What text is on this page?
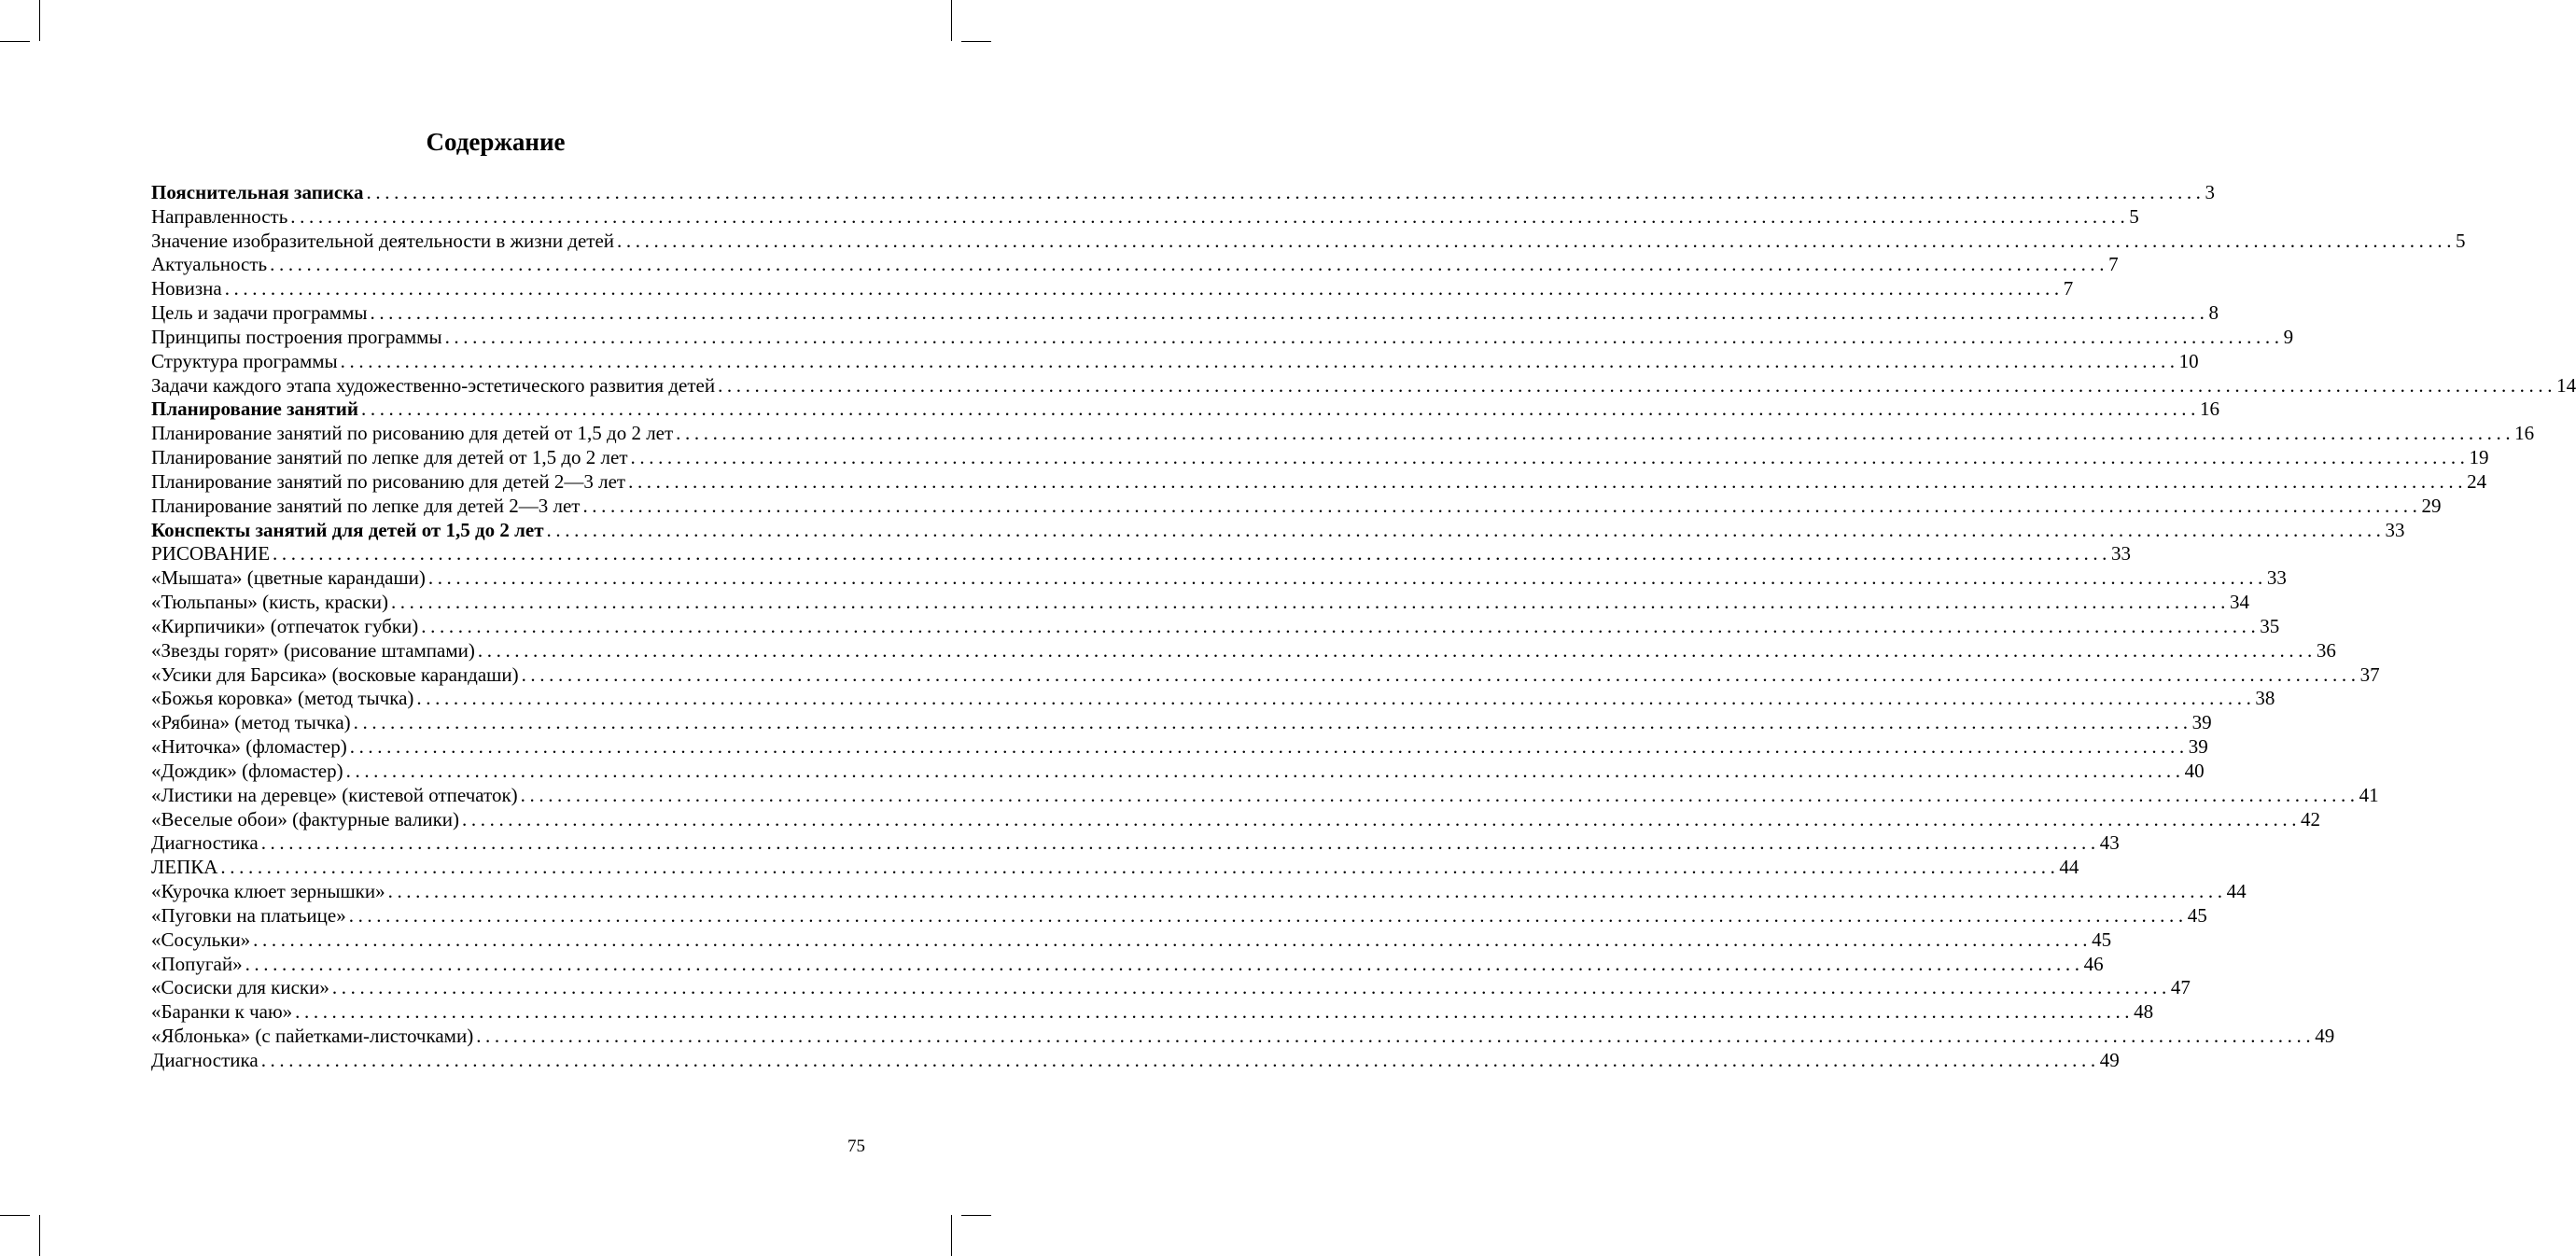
Содержание
Пояснительная записка ........................................................................................................................................................................................................ 3
Направленность ........................................................................................................................................................................................................ 5
Значение изобразительной деятельности в жизни детей ........................................................................................................................................................................................................ 5
Актуальность ........................................................................................................................................................................................................ 7
Новизна ........................................................................................................................................................................................................ 7
Цель и задачи программы ........................................................................................................................................................................................................ 8
Принципы построения программы ........................................................................................................................................................................................................ 9
Структура программы ........................................................................................................................................................................................................ 10
Задачи каждого этапа художественно-эстетического развития детей ........................................................................................................................................................................................................ 14
Планирование занятий ........................................................................................................................................................................................................ 16
Планирование занятий по рисованию для детей от 1,5 до 2 лет ........................................................................................................................................................................................................ 16
Планирование занятий по лепке для детей от 1,5 до 2 лет ........................................................................................................................................................................................................ 19
Планирование занятий по рисованию для детей 2—3 лет ........................................................................................................................................................................................................ 24
Планирование занятий по лепке для детей 2—3 лет ........................................................................................................................................................................................................ 29
Конспекты занятий для детей от 1,5 до 2 лет ........................................................................................................................................................................................................ 33
РИСОВАНИЕ ........................................................................................................................................................................................................ 33
«Мышата» (цветные карандаши) ........................................................................................................................................................................................................ 33
«Тюльпаны» (кисть, краски) ........................................................................................................................................................................................................ 34
«Кирпичики» (отпечаток губки) ........................................................................................................................................................................................................ 35
«Звезды горят» (рисование штампами) ........................................................................................................................................................................................................ 36
«Усики для Барсика» (восковые карандаши) ........................................................................................................................................................................................................ 37
«Божья коровка» (метод тычка) ........................................................................................................................................................................................................ 38
«Рябина» (метод тычка) ........................................................................................................................................................................................................ 39
«Ниточка» (фломастер) ........................................................................................................................................................................................................ 39
«Дождик» (фломастер) ........................................................................................................................................................................................................ 40
«Листики на деревце» (кистевой отпечаток) ........................................................................................................................................................................................................ 41
«Веселые обои» (фактурные валики) ........................................................................................................................................................................................................ 42
Диагностика ........................................................................................................................................................................................................ 43
ЛЕПКА ........................................................................................................................................................................................................ 44
«Курочка клюет зернышки» ........................................................................................................................................................................................................ 44
«Пуговки на платьице» ........................................................................................................................................................................................................ 45
«Сосульки» ........................................................................................................................................................................................................ 45
«Попугай» ........................................................................................................................................................................................................ 46
«Сосиски для киски» ........................................................................................................................................................................................................ 47
«Баранки к чаю» ........................................................................................................................................................................................................ 48
«Яблонька» (с пайетками-листочками) ........................................................................................................................................................................................................ 49
Диагностика ........................................................................................................................................................................................................ 49
75
